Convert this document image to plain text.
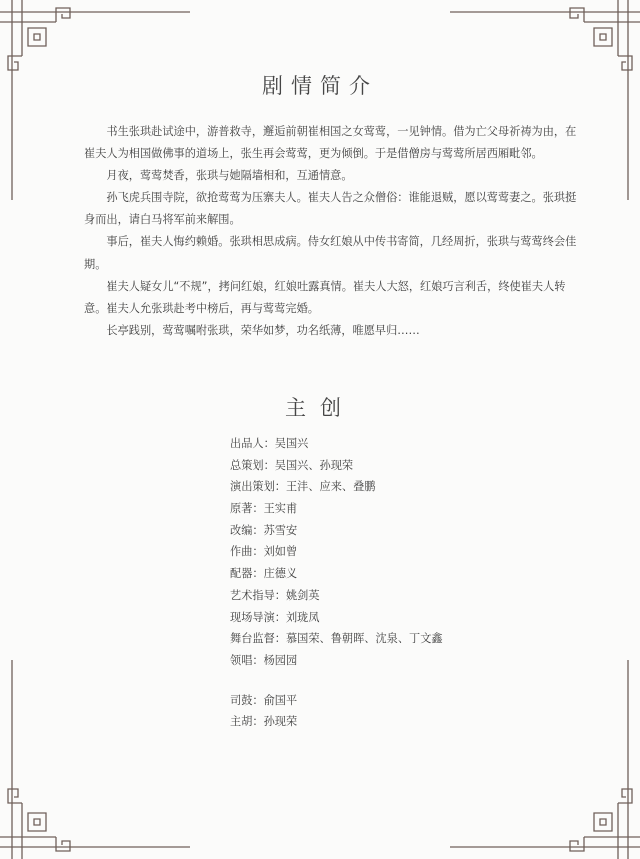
剧情简介

书生张珙赴试途中，游普救寺，邂逅前朝崔相国之女莺莺，一见钟情。借为亡父母祈祷为由，在崔夫人为相国做佛事的道场上，张生再会莺莺，更为倾倒。于是借僧房与莺莺所居西厢毗邻。

月夜，莺莺焚香，张珙与她隔墙相和，互通情意。

孙飞虎兵围寺院，欲抢莺莺为压寨夫人。崔夫人告之众僧俗：谁能退贼，愿以莺莺妻之。张珙挺身而出，请白马将军前来解围。

事后，崔夫人悔约赖婚。张珙相思成病。侍女红娘从中传书寄简，几经周折，张珙与莺莺终会佳期。

崔夫人疑女儿“不规”，拷问红娘，红娘吐露真情。崔夫人大怒，红娘巧言利舌，终使崔夫人转意。崔夫人允张珙赴考中榜后，再与莺莺完婚。

长亭践别，莺莺嘱咐张珙，荣华如梦，功名纸薄，唯愿早归……

主创
出品人：吴国兴
总策划：吴国兴、孙现荣
演出策划：王沣、应来、叠鹏
原著：王实甫
改编：苏雪安
作曲：刘如曾
配器：庄德义
艺术指导：姚剑英
现场导演：刘珑凤
舞台监督：慕国荣、鲁朝晖、沈泉、丁文鑫
领唱：杨园园
司鼓：俞国平
主胡：孙现荣
